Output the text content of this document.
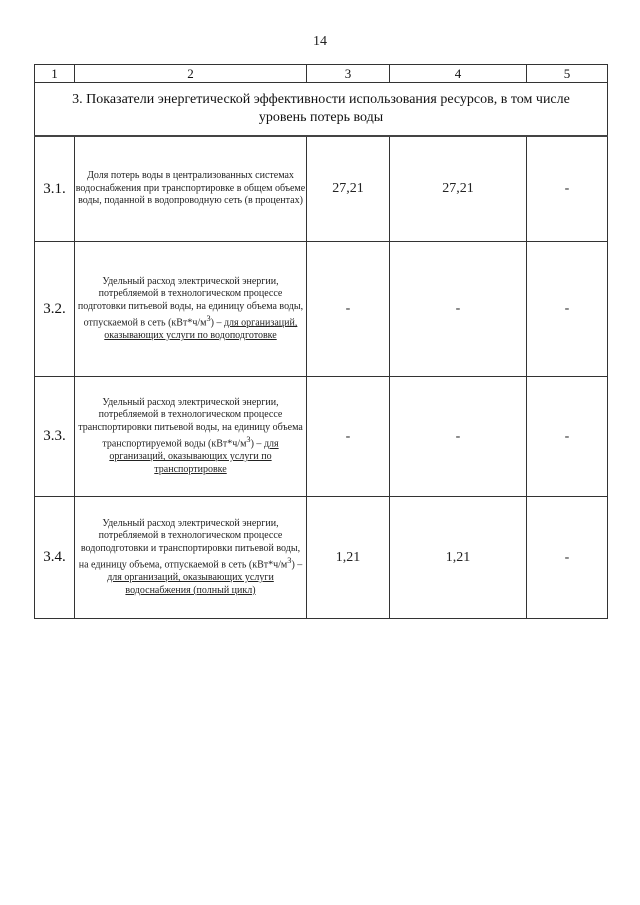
14
1	2	3	4	5
3. Показатели энергетической эффективности использования ресурсов, в том числе уровень потерь воды				
3.1.	Доля потерь воды в централизованных системах водоснабжения при транспортировке в общем объеме воды, поданной в водопроводную сеть (в процентах)	27,21	27,21	-
3.2.	Удельный расход электрической энергии, потребляемой в технологическом процессе подготовки питьевой воды, на единицу объема воды, отпускаемой в сеть $(кВт*ч/м^3)$ – для организаций, оказывающих услуги по водоподготовке	-	-	-
3.3.	Удельный расход электрической энергии, потребляемой в технологическом процессе транспортировки питьевой воды, на единицу объема транспортируемой воды $(кВт*ч/м^3)$ – для организаций, оказывающих услуги по транспортировке	-	-	-
3.4.	Удельный расход электрической энергии, потребляемой в технологическом процессе водоподготовки и транспортировки питьевой воды, на единицу объема, отпускаемой в сеть $(кВт*ч/м^3)$ – для организаций, оказывающих услуги водоснабжения (полный цикл)	1,21	1,21	-
